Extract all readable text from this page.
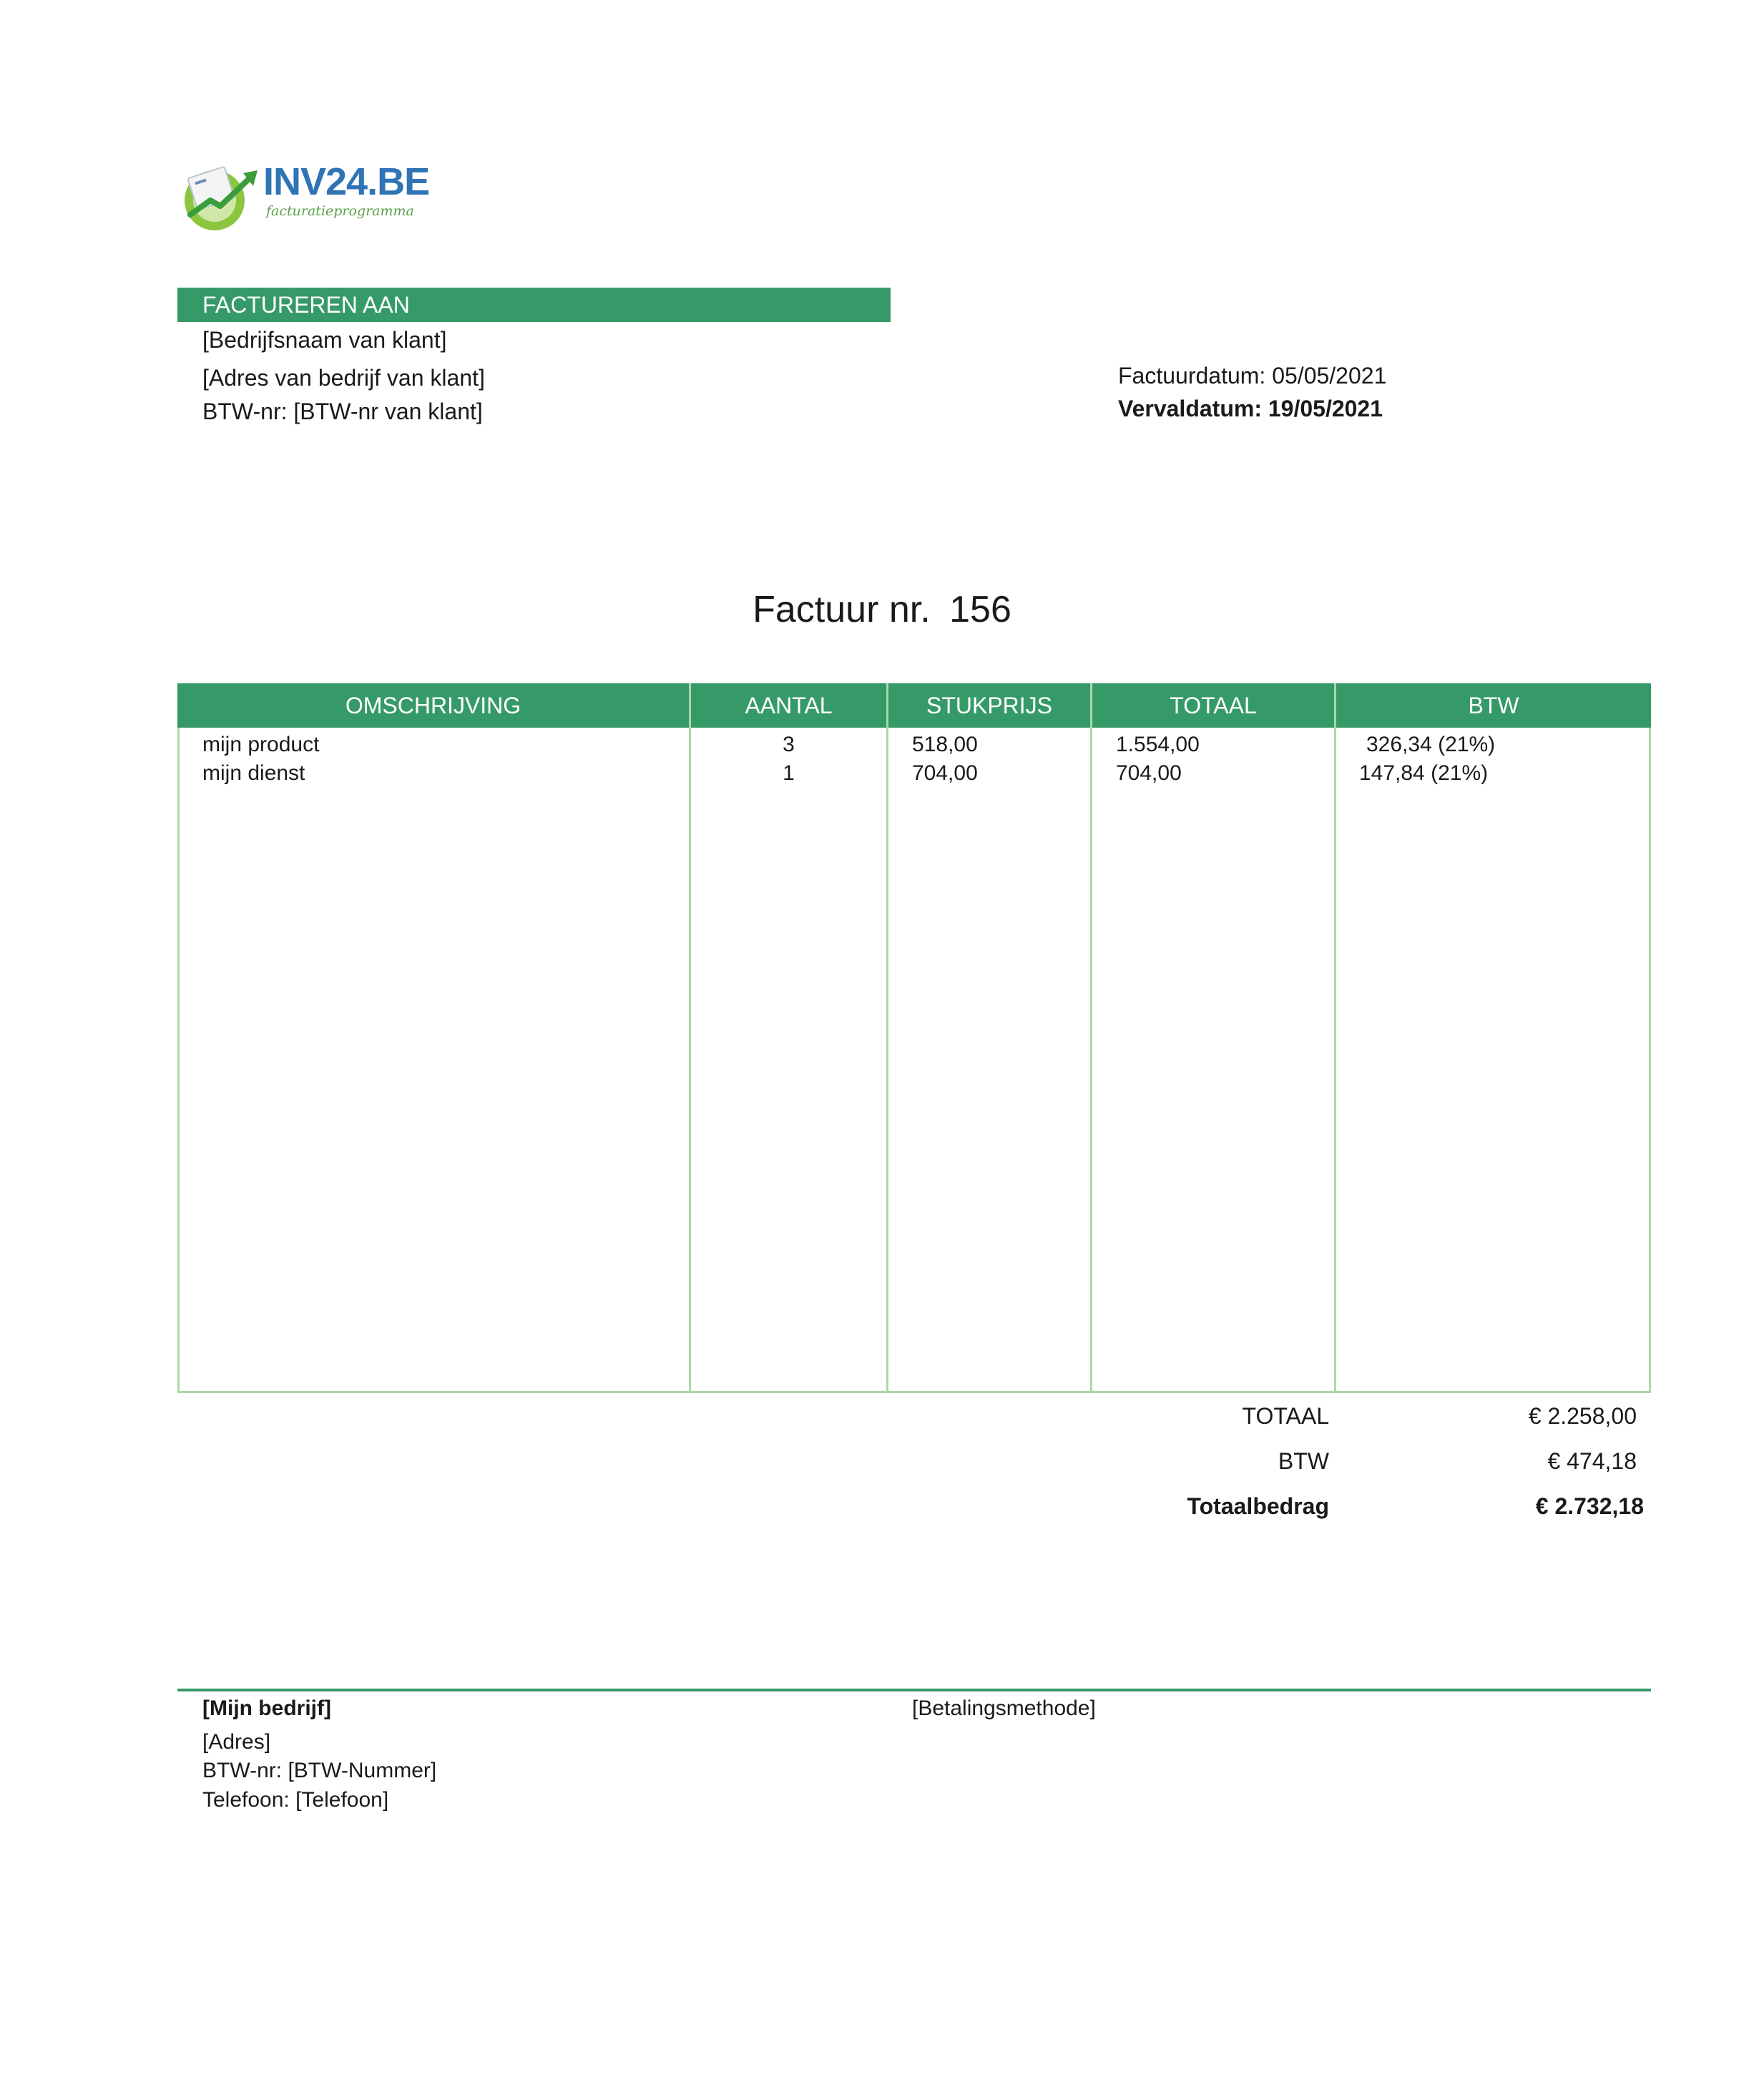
INV24.BE
facturatieprogramma
FACTUREREN AAN
[Bedrijfsnaam van klant]
[Adres van bedrijf van klant]
BTW-nr: [BTW-nr van klant]
Factuurdatum: 05/05/2021
Vervaldatum: 19/05/2021
Factuur nr. 156
OMSCHRIJVING	AANTAL	STUKPRIJS	TOTAAL	BTW
mijn product	3	518,00	1.554,00	326,34 (21%)
mijn dienst	1	704,00	704,00	147,84 (21%)
TOTAAL	€ 2.258,00
BTW	€ 474,18
Totaalbedrag	€ 2.732,18
[Mijn bedrijf]
[Adres]
BTW-nr: [BTW-Nummer]
Telefoon: [Telefoon]
[Betalingsmethode]
